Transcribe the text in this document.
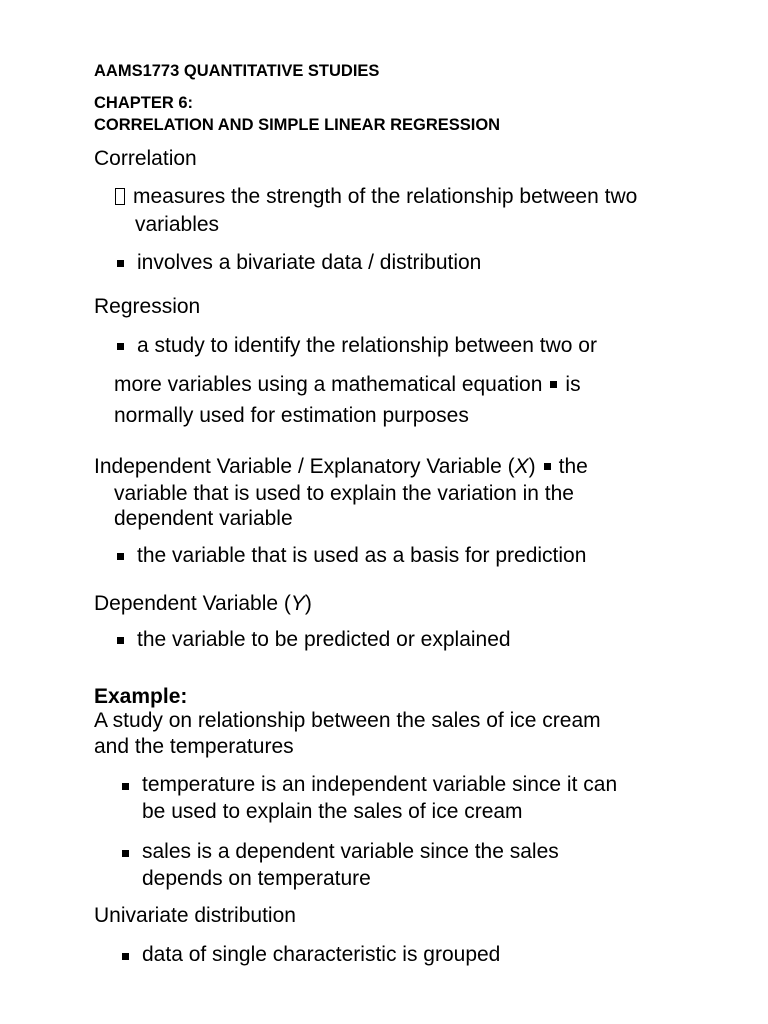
AAMS1773 QUANTITATIVE STUDIES
CHAPTER 6:
CORRELATION AND SIMPLE LINEAR REGRESSION
Correlation
measures the strength of the relationship between two
variables
involves a bivariate data / distribution
Regression
a study to identify the relationship between two or
more variables using a mathematical equation is
normally used for estimation purposes
Independent Variable / Explanatory Variable (X) the
variable that is used to explain the variation in the
dependent variable
the variable that is used as a basis for prediction
Dependent Variable (Y)
the variable to be predicted or explained
Example:
A study on relationship between the sales of ice cream
and the temperatures
temperature is an independent variable since it can
be used to explain the sales of ice cream
sales is a dependent variable since the sales
depends on temperature
Univariate distribution
data of single characteristic is grouped
